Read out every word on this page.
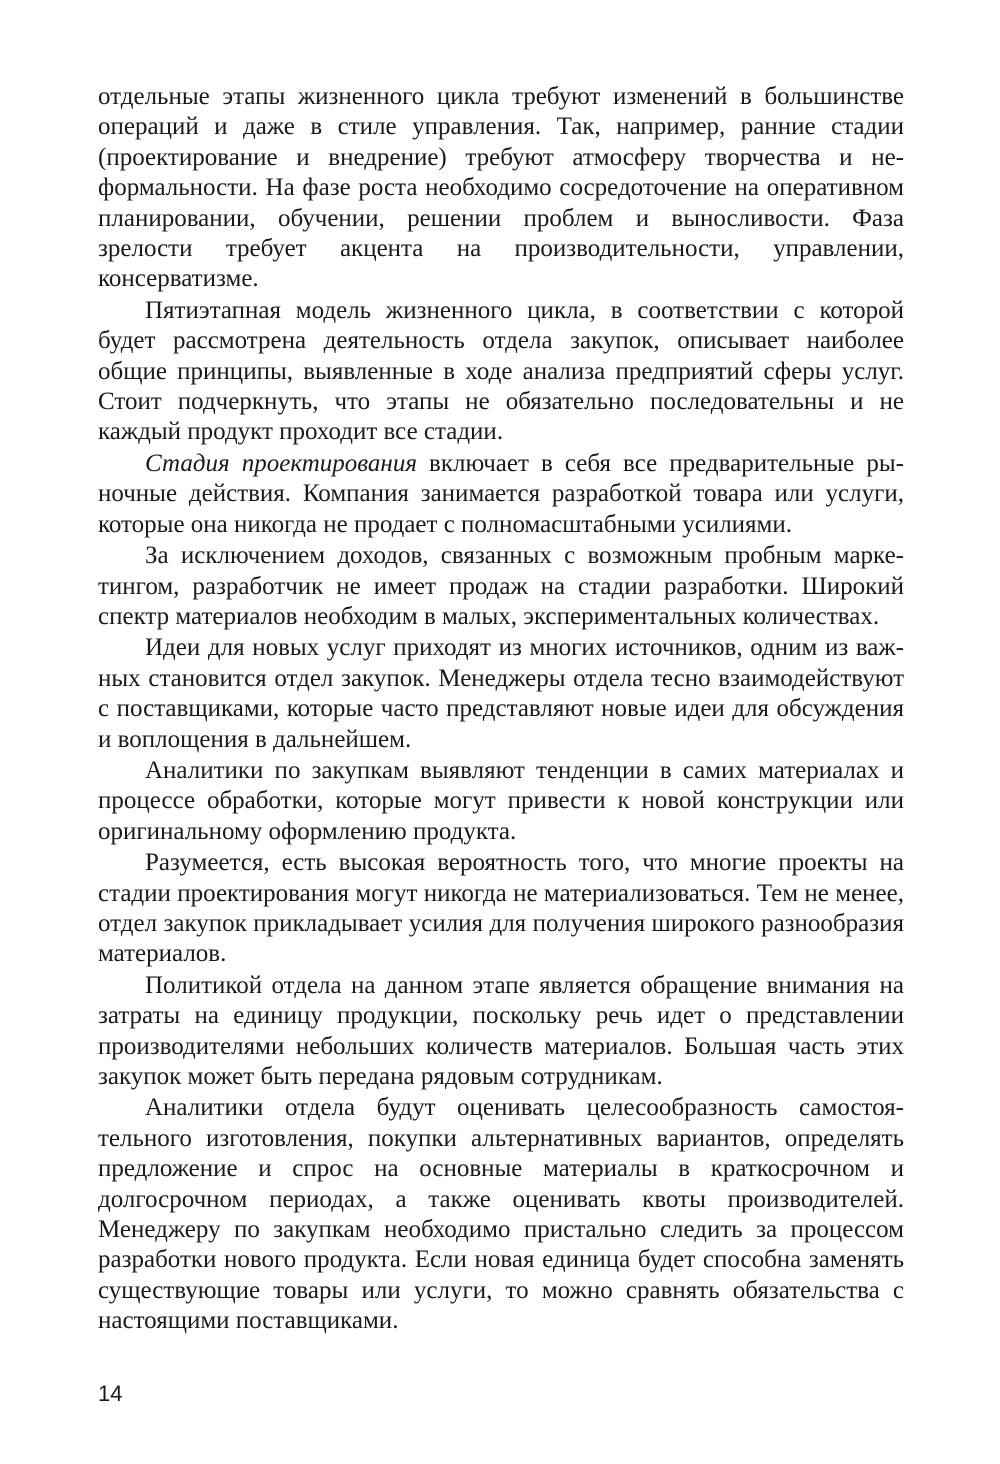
отдельные этапы жизненного цикла требуют изменений в большинстве операций и даже в стиле управления. Так, например, ранние стадии (проектирование и внедрение) требуют атмосферу творчества и неформальности. На фазе роста необходимо сосредоточение на оперативном планировании, обучении, решении проблем и выносливости. Фаза зрелости требует акцента на производительности, управлении, консерватизме.

Пятиэтапная модель жизненного цикла, в соответствии с которой будет рассмотрена деятельность отдела закупок, описывает наиболее общие принципы, выявленные в ходе анализа предприятий сферы услуг. Стоит подчеркнуть, что этапы не обязательно последовательны и не каждый продукт проходит все стадии.

Стадия проектирования включает в себя все предварительные рыночные действия. Компания занимается разработкой товара или услуги, которые она никогда не продает с полномасштабными усилиями.

За исключением доходов, связанных с возможным пробным маркетингом, разработчик не имеет продаж на стадии разработки. Широкий спектр материалов необходим в малых, экспериментальных количествах.

Идеи для новых услуг приходят из многих источников, одним из важных становится отдел закупок. Менеджеры отдела тесно взаимодействуют с поставщиками, которые часто представляют новые идеи для обсуждения и воплощения в дальнейшем.

Аналитики по закупкам выявляют тенденции в самих материалах и процессе обработки, которые могут привести к новой конструкции или оригинальному оформлению продукта.

Разумеется, есть высокая вероятность того, что многие проекты на стадии проектирования могут никогда не материализоваться. Тем не менее, отдел закупок прикладывает усилия для получения широкого разнообразия материалов.

Политикой отдела на данном этапе является обращение внимания на затраты на единицу продукции, поскольку речь идет о представлении производителями небольших количеств материалов. Большая часть этих закупок может быть передана рядовым сотрудникам.

Аналитики отдела будут оценивать целесообразность самостоятельного изготовления, покупки альтернативных вариантов, определять предложение и спрос на основные материалы в краткосрочном и долгосрочном периодах, а также оценивать квоты производителей. Менеджеру по закупкам необходимо пристально следить за процессом разработки нового продукта. Если новая единица будет способна заменять существующие товары или услуги, то можно сравнять обязательства с настоящими поставщиками.

14
